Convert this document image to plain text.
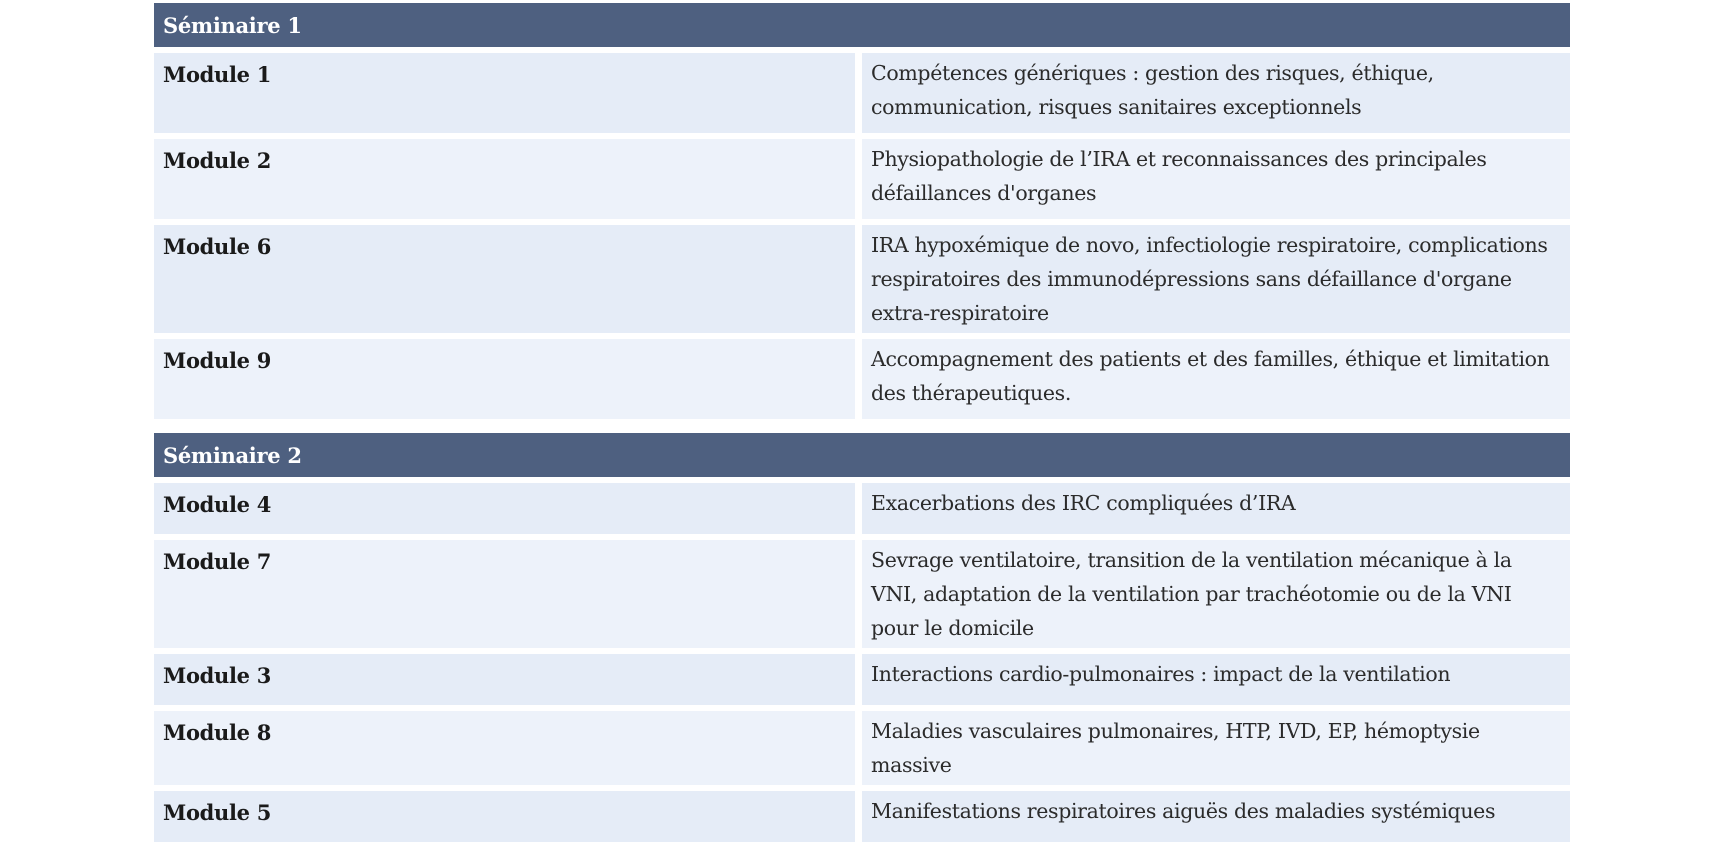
Séminaire 1	
Module 1	Compétences génériques : gestion des risques, éthique, communication, risques sanitaires exceptionnels
Module 2	Physiopathologie de l’IRA et reconnaissances des principales défaillances d'organes
Module 6	IRA hypoxémique de novo, infectiologie respiratoire, complications respiratoires des immunodépressions sans défaillance d'organe extra-respiratoire
Module 9	Accompagnement des patients et des familles, éthique et limitation des thérapeutiques.
Séminaire 2	
Module 4	Exacerbations des IRC compliquées d’IRA
Module 7	Sevrage ventilatoire, transition de la ventilation mécanique à la VNI, adaptation de la ventilation par trachéotomie ou de la VNI pour le domicile
Module 3	Interactions cardio-pulmonaires : impact de la ventilation
Module 8	Maladies vasculaires pulmonaires, HTP, IVD, EP, hémoptysie massive
Module 5	Manifestations respiratoires aiguës des maladies systémiques
